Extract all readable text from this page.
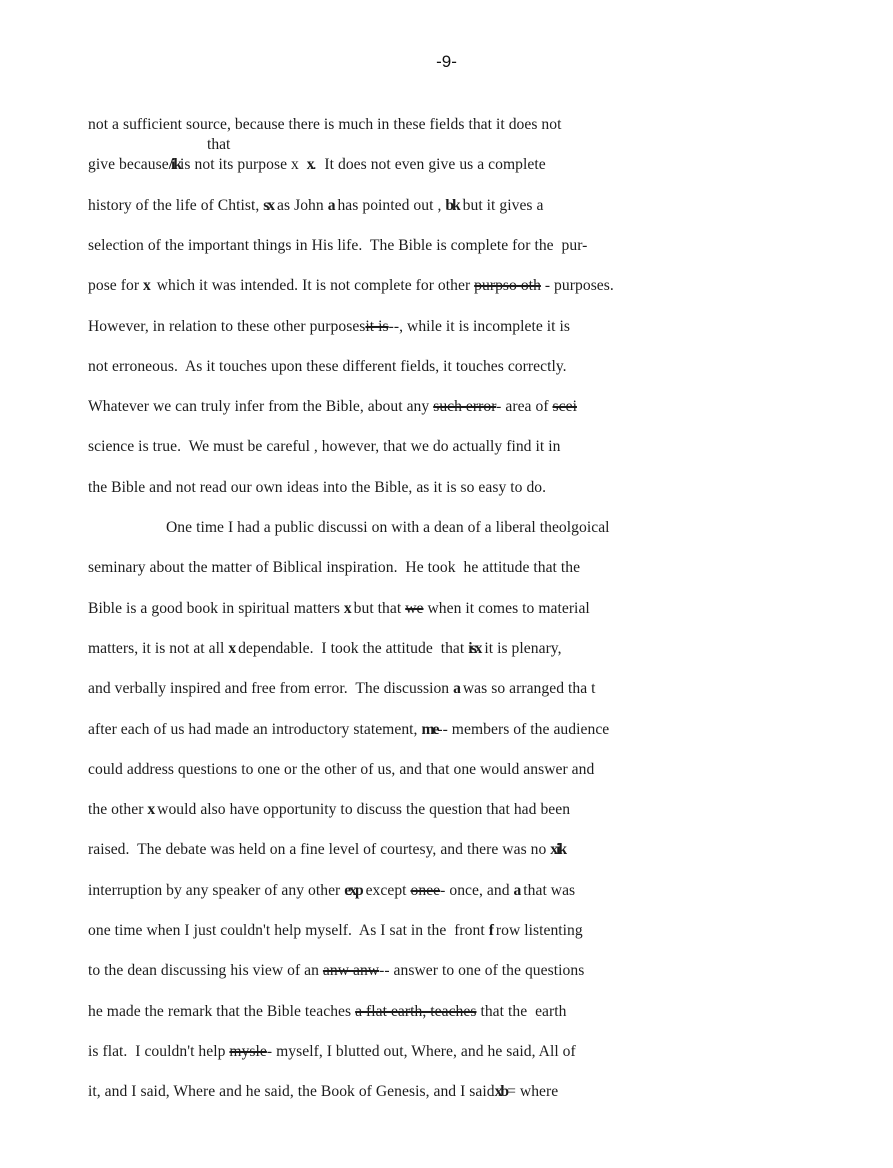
-9-
that
not a sufficient source, because there is much in these fields that it does not
give because/ikis not its purpose x  x.  It does not even give us a complete
history of the life of Chtist, sx as John a has pointed out , bk but it gives a
selection of the important things in His life.  The Bible is complete for the  pur-
pose for x  which it was intended. It is not complete for other purpso oth - purposes.
However, in relation to these other purposesit is--, while it is incomplete it is
not erroneous.  As it touches upon these different fields, it touches correctly.
Whatever we can truly infer from the Bible, about any such error- area of scei
science is true.  We must be careful , however, that we do actually find it in
the Bible and not read our own ideas into the Bible, as it is so easy to do.
One time I had a public discussi on with a dean of a liberal theolgoical
seminary about the matter of Biblical inspiration.  He took  he attitude that the
Bible is a good book in spiritual matters x but that we when it comes to material
matters, it is not at all x dependable.  I took the attitude  that isx it is plenary,
and verbally inspired and free from error.  The discussion a was so arranged tha t
after each of us had made an introductory statement, me-- members of the audience
could address questions to one or the other of us, and that one would answer and
the other x would also have opportunity to discuss the question that had been
raised.  The debate was held on a fine level of courtesy, and there was no xik
interruption by any speaker of any other exp except onee- once, and a that was
one time when I just couldn't help myself.  As I sat in the  front f row listenting
to the dean discussing his view of an anw anw-- answer to one of the questions
he made the remark that the Bible teaches a flat earth, teaches that the  earth
is flat.  I couldn't help mysle- myself, I blutted out, Where, and he said, All of
it, and I said, Where and he said, the Book of Genesis, and I saidxb= where
